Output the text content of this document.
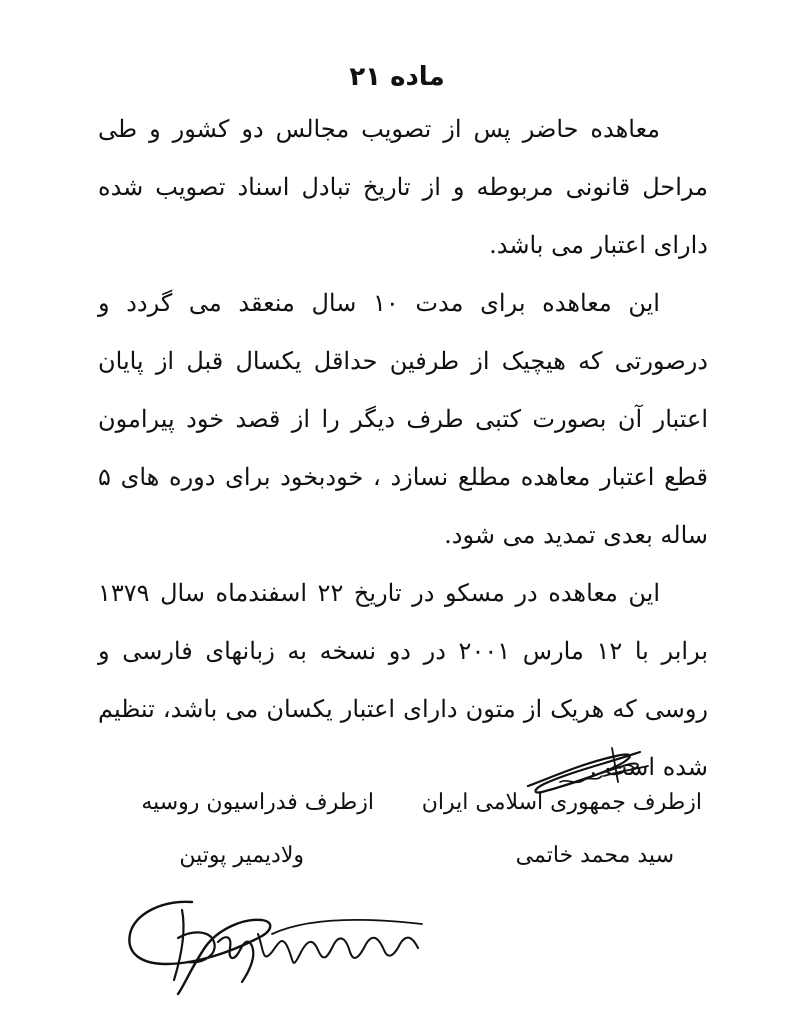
ماده ۲۱

معاهده حاضر پس از تصویب مجالس دو کشور و طی مراحل قانونی مربوطه و از تاریخ تبادل اسناد تصویب شده دارای اعتبار می باشد.

این معاهده برای مدت ۱۰ سال منعقد می گردد و درصورتی که هیچیک از طرفین حداقل یکسال قبل از پایان اعتبار آن بصورت کتبی طرف دیگر را از قصد خود پیرامون قطع اعتبار معاهده مطلع نسازد ، خودبخود برای دوره های ۵ ساله بعدی تمدید می شود.

این معاهده در مسکو در تاریخ ۲۲ اسفندماه سال ۱۳۷۹ برابر با ۱۲ مارس ۲۰۰۱ در دو نسخه به زبانهای فارسی و روسی که هریک از متون دارای اعتبار یکسان می باشد، تنظیم شده است .

ازطرف جمهوری اسلامی ایران
سید محمد خاتمی
ازطرف فدراسیون روسیه
ولادیمیر پوتین
